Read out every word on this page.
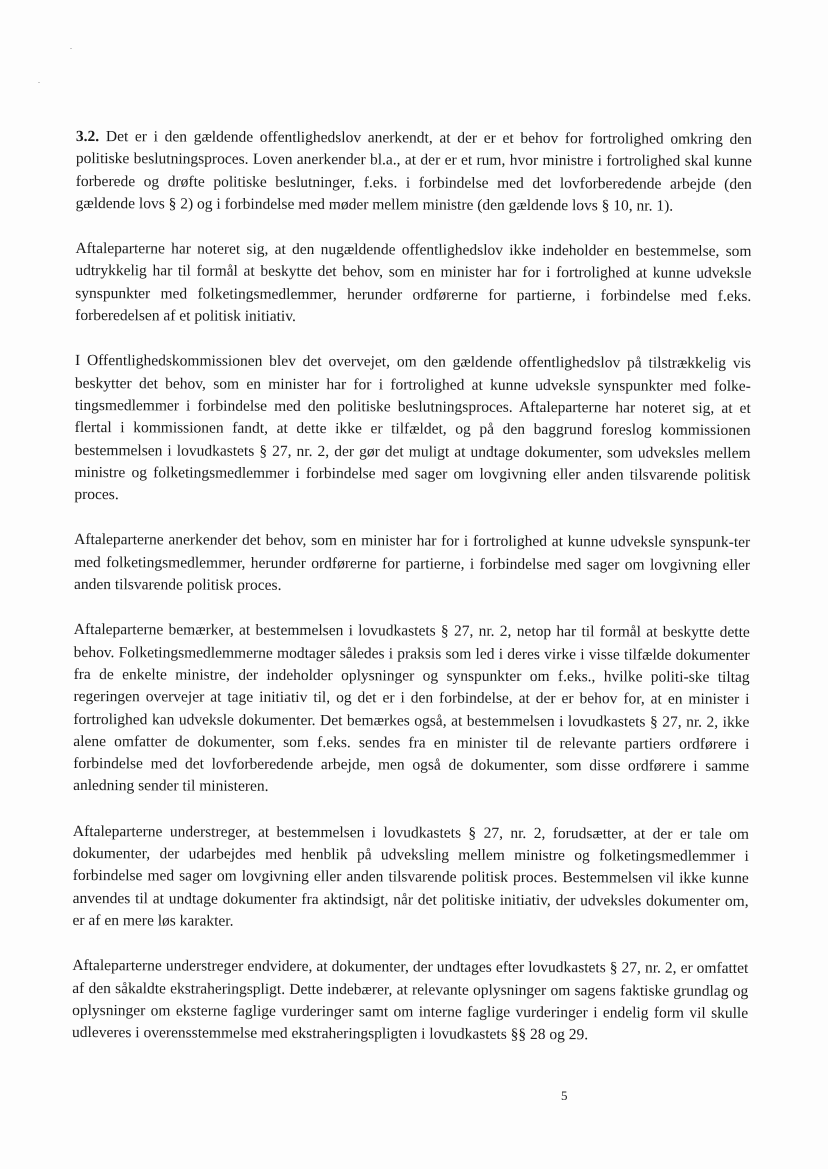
3.2. Det er i den gældende offentlighedslov anerkendt, at der er et behov for fortrolighed omkring den politiske beslutningsproces. Loven anerkender bl.a., at der er et rum, hvor ministre i fortrolighed skal kunne forberede og drøfte politiske beslutninger, f.eks. i forbindelse med det lovforberedende arbejde (den gældende lovs § 2) og i forbindelse med møder mellem ministre (den gældende lovs § 10, nr. 1).

Aftaleparterne har noteret sig, at den nugældende offentlighedslov ikke indeholder en bestemmelse, som udtrykkelig har til formål at beskytte det behov, som en minister har for i fortrolighed at kunne udveksle synspunkter med folketingsmedlemmer, herunder ordførerne for partierne, i forbindelse med f.eks. forberedelsen af et politisk initiativ.

I Offentlighedskommissionen blev det overvejet, om den gældende offentlighedslov på tilstrækkelig vis beskytter det behov, som en minister har for i fortrolighed at kunne udveksle synspunkter med folke-tingsmedlemmer i forbindelse med den politiske beslutningsproces. Aftaleparterne har noteret sig, at et flertal i kommissionen fandt, at dette ikke er tilfældet, og på den baggrund foreslog kommissionen bestemmelsen i lovudkastets § 27, nr. 2, der gør det muligt at undtage dokumenter, som udveksles mellem ministre og folketingsmedlemmer i forbindelse med sager om lovgivning eller anden tilsvarende politisk proces.

Aftaleparterne anerkender det behov, som en minister har for i fortrolighed at kunne udveksle synspunk-ter med folketingsmedlemmer, herunder ordførerne for partierne, i forbindelse med sager om lovgivning eller anden tilsvarende politisk proces.

Aftaleparterne bemærker, at bestemmelsen i lovudkastets § 27, nr. 2, netop har til formål at beskytte dette behov. Folketingsmedlemmerne modtager således i praksis som led i deres virke i visse tilfælde dokumenter fra de enkelte ministre, der indeholder oplysninger og synspunkter om f.eks., hvilke politi-ske tiltag regeringen overvejer at tage initiativ til, og det er i den forbindelse, at der er behov for, at en minister i fortrolighed kan udveksle dokumenter. Det bemærkes også, at bestemmelsen i lovudkastets § 27, nr. 2, ikke alene omfatter de dokumenter, som f.eks. sendes fra en minister til de relevante partiers ordførere i forbindelse med det lovforberedende arbejde, men også de dokumenter, som disse ordførere i samme anledning sender til ministeren.

Aftaleparterne understreger, at bestemmelsen i lovudkastets § 27, nr. 2, forudsætter, at der er tale om dokumenter, der udarbejdes med henblik på udveksling mellem ministre og folketingsmedlemmer i forbindelse med sager om lovgivning eller anden tilsvarende politisk proces. Bestemmelsen vil ikke kunne anvendes til at undtage dokumenter fra aktindsigt, når det politiske initiativ, der udveksles dokumenter om, er af en mere løs karakter.

Aftaleparterne understreger endvidere, at dokumenter, der undtages efter lovudkastets § 27, nr. 2, er omfattet af den såkaldte ekstraheringspligt. Dette indebærer, at relevante oplysninger om sagens faktiske grundlag og oplysninger om eksterne faglige vurderinger samt om interne faglige vurderinger i endelig form vil skulle udleveres i overensstemmelse med ekstraheringspligten i lovudkastets §§ 28 og 29.

5
